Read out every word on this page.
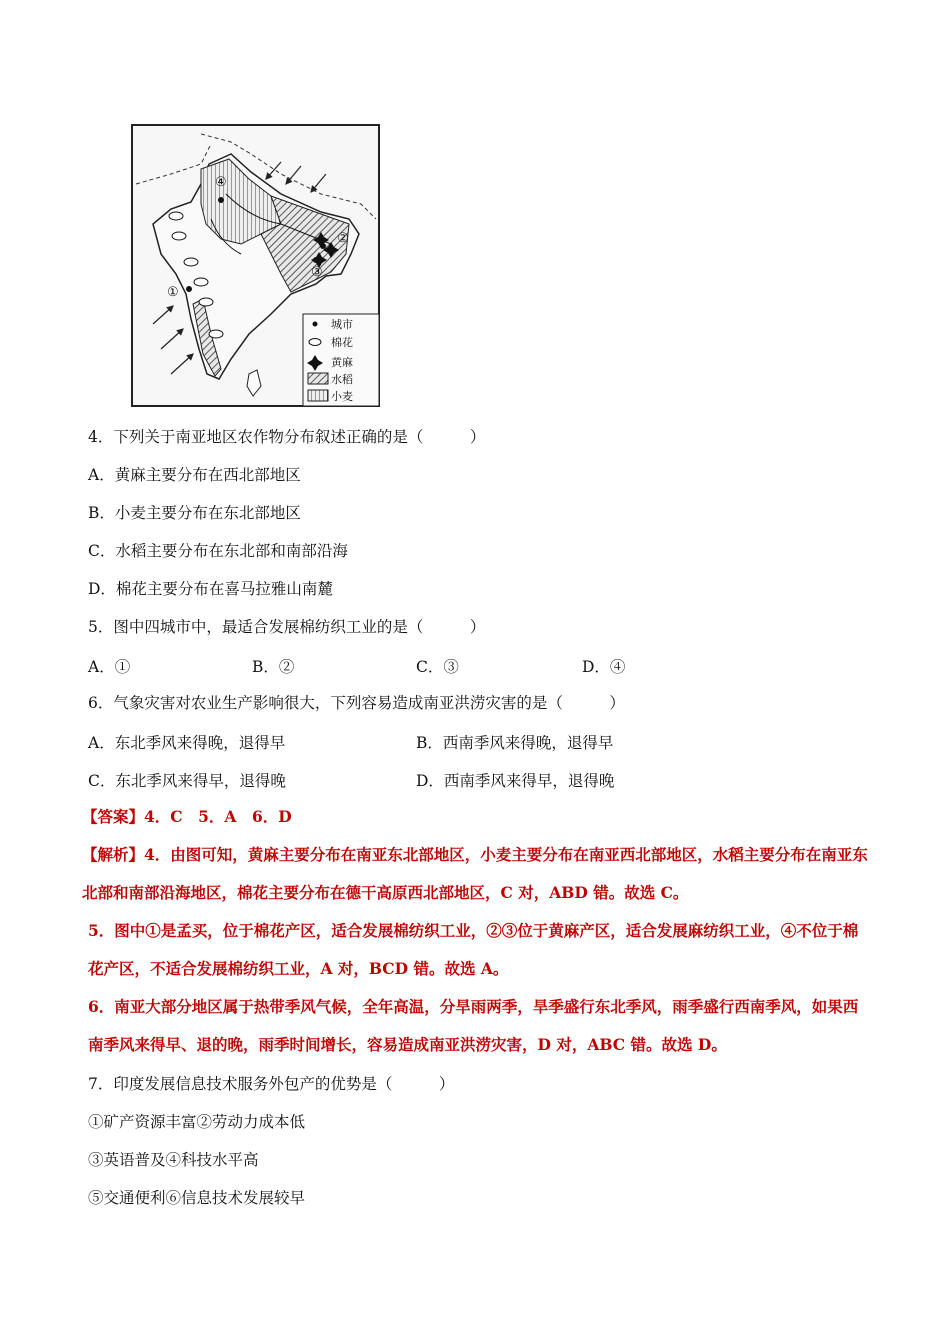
①
②
③
④
城市
棉花
黄麻
水稻
小麦
4．下列关于南亚地区农作物分布叙述正确的是（　　　）
A．黄麻主要分布在西北部地区
B．小麦主要分布在东北部地区
C．水稻主要分布在东北部和南部沿海
D．棉花主要分布在喜马拉雅山南麓
5．图中四城市中，最适合发展棉纺织工业的是（　　　）
A．①	B．②	C．③	D．④
6．气象灾害对农业生产影响很大，下列容易造成南亚洪涝灾害的是（　　　）
A．东北季风来得晚，退得早	B．西南季风来得晚，退得早
C．东北季风来得早，退得晚	D．西南季风来得早，退得晚
【答案】4．C　5．A　6．D
【解析】4．由图可知，黄麻主要分布在南亚东北部地区，小麦主要分布在南亚西北部地区，水稻主要分布在南亚东北部和南部沿海地区，棉花主要分布在德干高原西北部地区，C 对，ABD 错。故选 C。
5．图中①是孟买，位于棉花产区，适合发展棉纺织工业，②③位于黄麻产区，适合发展麻纺织工业，④不位于棉花产区，不适合发展棉纺织工业，A 对，BCD 错。故选 A。
6．南亚大部分地区属于热带季风气候，全年高温，分旱雨两季，旱季盛行东北季风，雨季盛行西南季风，如果西南季风来得早、退的晚，雨季时间增长，容易造成南亚洪涝灾害，D 对，ABC 错。故选 D。
7．印度发展信息技术服务外包产的优势是（　　　）
①矿产资源丰富②劳动力成本低
③英语普及④科技水平高
⑤交通便利⑥信息技术发展较早
